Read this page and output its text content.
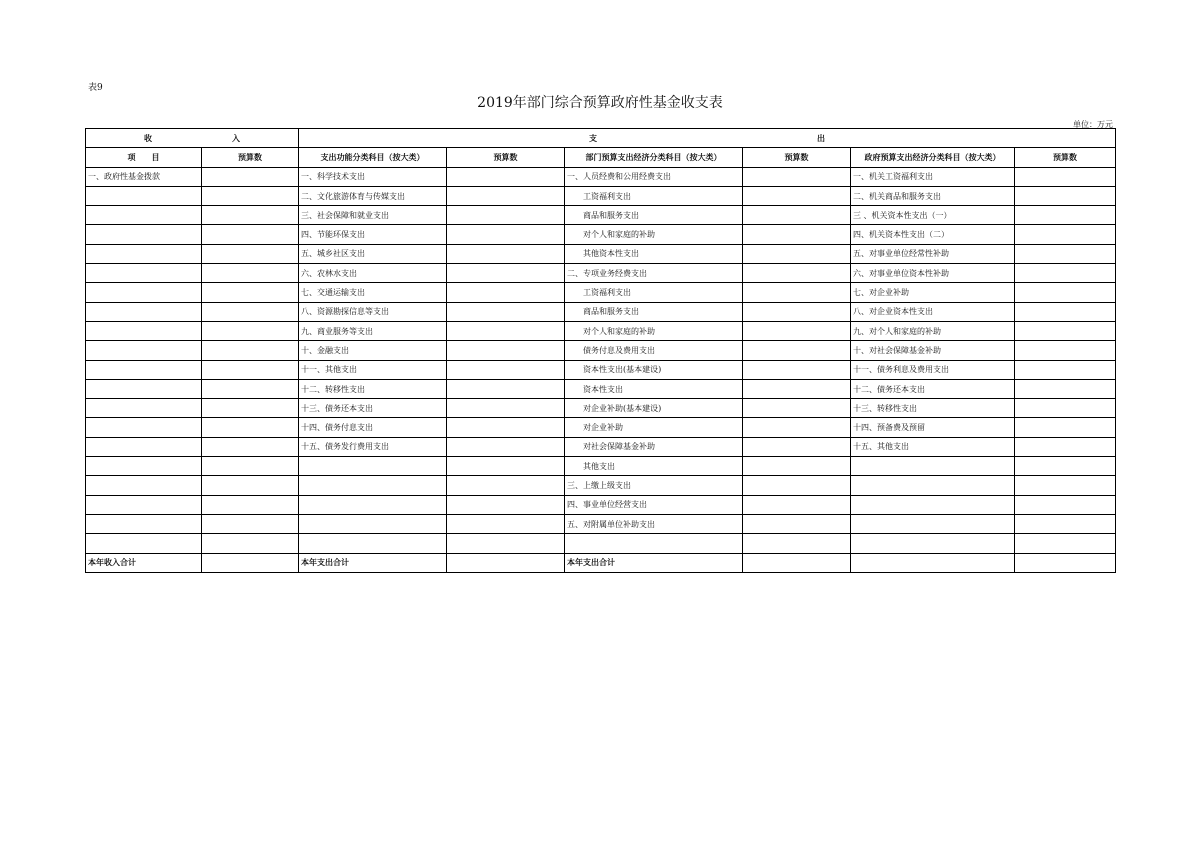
表9
2019年部门综合预算政府性基金收支表
单位：万元
收 入		支 出					
项　　目	预算数	支出功能分类科目（按大类）	预算数	部门预算支出经济分类科目（按大类）	预算数	政府预算支出经济分类科目（按大类）	预算数
一、政府性基金拨款		一、科学技术支出		一、人员经费和公用经费支出		一、机关工资福利支出	
		二、文化旅游体育与传媒支出		工资福利支出		二、机关商品和服务支出	
		三、社会保障和就业支出		商品和服务支出		三 、机关资本性支出（一）	
		四、节能环保支出		对个人和家庭的补助		四、机关资本性支出（二）	
		五、城乡社区支出		其他资本性支出		五、对事业单位经常性补助	
		六、农林水支出		二、专项业务经费支出		六、对事业单位资本性补助	
		七、交通运输支出		工资福利支出		七、对企业补助	
		八、资源勘探信息等支出		商品和服务支出		八、对企业资本性支出	
		九、商业服务等支出		对个人和家庭的补助		九、对个人和家庭的补助	
		十、金融支出		债务付息及费用支出		十、对社会保障基金补助	
		十一、其他支出		资本性支出(基本建设)		十一、债务利息及费用支出	
		十二、转移性支出		资本性支出		十二、债务还本支出	
		十三、债务还本支出		对企业补助(基本建设)		十三、转移性支出	
		十四、债务付息支出		对企业补助		十四、预备费及预留	
		十五、债务发行费用支出		对社会保障基金补助		十五、其他支出	
				其他支出			
				三、上缴上级支出			
				四、事业单位经营支出			
				五、对附属单位补助支出			

本年收入合计		本年支出合计		本年支出合计			
